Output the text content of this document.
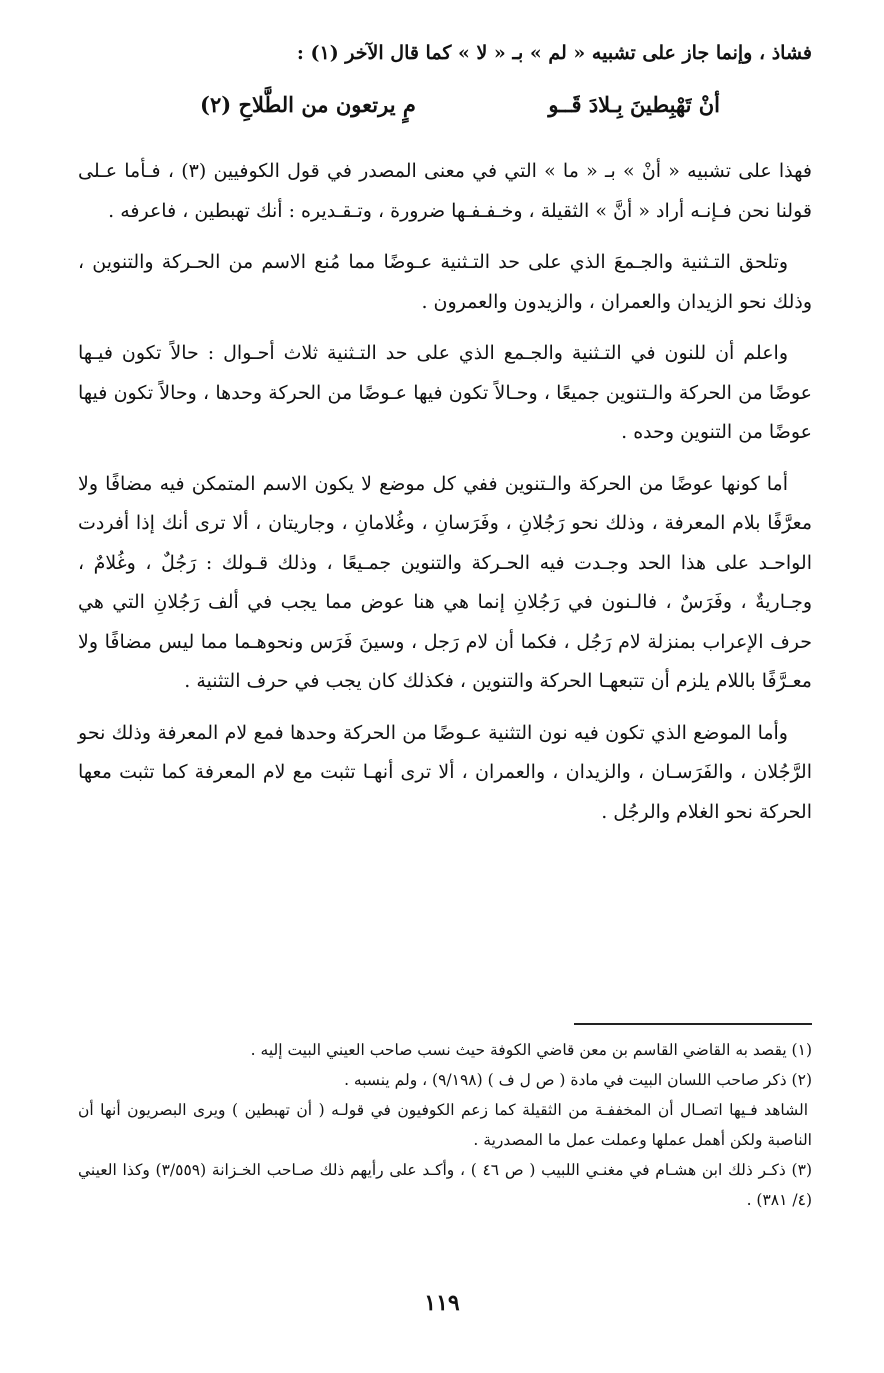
فشاذ ، وإنما جاز على تشبيه « لم » بـ « لا » كما قال الآخر (١) :
أنْ تَهْبِطينَ بِـلادَ قَــو
مٍ يرتعون من الطَّلاحِ (٢)

فهذا على تشبيه « أنْ » بـ « ما » التي في معنى المصدر في قول الكوفيين (٣) ، فـأما عـلى قولنا نحن فـإنـه أراد « أنَّ » الثقيلة ، وخـفـفـها ضرورة ، وتـقـديره : أنك تهبطين ، فاعرفه .

وتلحق التـثنية والجـمعَ الذي على حد التـثنية عـوضًا مما مُنع الاسم من الحـركة والتنوين ، وذلك نحو الزيدان والعمران ، والزيدون والعمرون .

واعلم أن للنون في التـثنية والجـمع الذي على حد التـثنية ثلاث أحـوال : حالاً تكون فيـها عوضًا من الحركة والـتنوين جميعًا ، وحـالاً تكون فيها عـوضًا من الحركة وحدها ، وحالاً تكون فيها عوضًا من التنوين وحده .

أما كونها عوضًا من الحركة والـتنوين ففي كل موضع لا يكون الاسم المتمكن فيه مضافًا ولا معرَّفًا بلام المعرفة ، وذلك نحو رَجُلانِ ، وفَرَسانِ ، وغُلامانِ ، وجاريتان ، ألا ترى أنك إذا أفردت الواحـد على هذا الحد وجـدت فيه الحـركة والتنوين جمـيعًا ، وذلك قـولك : رَجُلٌ ، وغُلامٌ ، وجـاريةٌ ، وفَرَسٌ ، فالـنون في رَجُلانِ إنما هي هنا عوض مما يجب في ألف رَجُلانِ التي هي حرف الإعراب بمنزلة لام رَجُل ، فكما أن لام رَجل ، وسينَ فَرَس ونحوهـما مما ليس مضافًا ولا معـرَّفًا باللام يلزم أن تتبعهـا الحركة والتنوين ، فكذلك كان يجب في حرف التثنية .

وأما الموضع الذي تكون فيه نون التثنية عـوضًا من الحركة وحدها فمع لام المعرفة وذلك نحو الرَّجُلان ، والفَرَسـان ، والزيدان ، والعمران ، ألا ترى أنهـا تثبت مع لام المعرفة كما تثبت معها الحركة نحو الغلام والرجُل .

(١) يقصد به القاضي القاسم بن معن قاضي الكوفة حيث نسب صاحب العيني البيت إليه .

(٢) ذكر صاحب اللسان البيت في مادة ( ص ل ف ) (٩/١٩٨) ، ولم ينسبه .

الشاهد فـيها اتصـال أن المخففـة من الثقيلة كما زعم الكوفيون في قولـه ( أن تهبطين ) ويرى البصريون أنها أن الناصبة ولكن أهمل عملها وعملت عمل ما المصدرية .

(٣) ذكـر ذلك ابن هشـام في مغنـي اللبيب ( ص ٤٦ ) ، وأكـد على رأيهم ذلك صـاحب الخـزانة (٣/٥٥٩) وكذا العيني (٤/ ٣٨١) .

١١٩
